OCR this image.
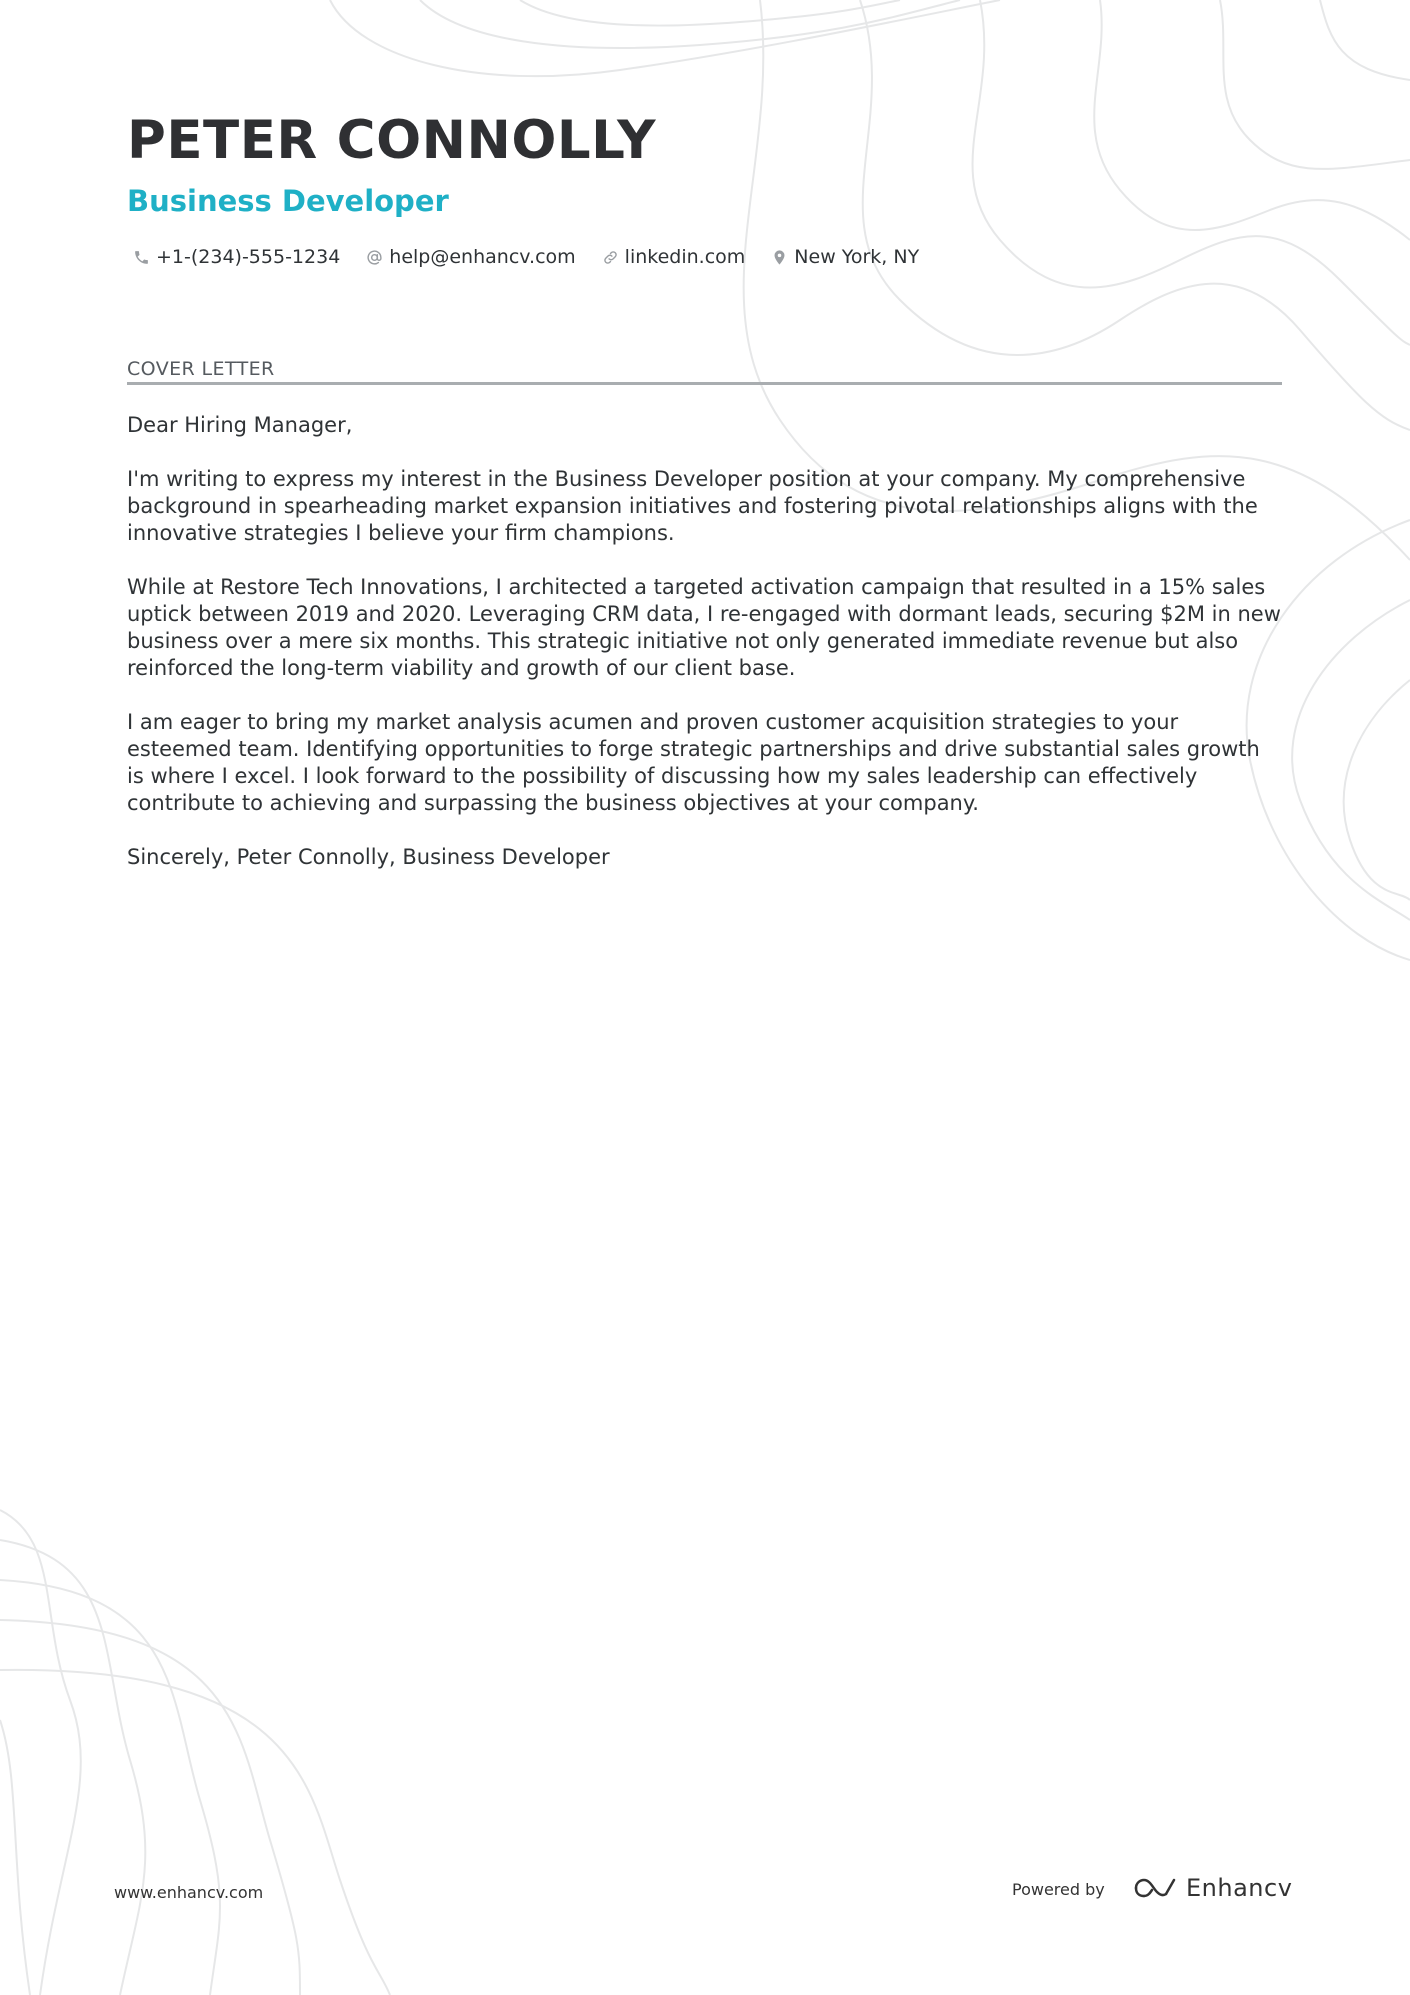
PETER CONNOLLY
Business Developer
+1-(234)-555-1234	help@enhancv.com	linkedin.com	New York, NY
COVER LETTER

Dear Hiring Manager,

I'm writing to express my interest in the Business Developer position at your company. My comprehensive background in spearheading market expansion initiatives and fostering pivotal relationships aligns with the innovative strategies I believe your firm champions.

While at Restore Tech Innovations, I architected a targeted activation campaign that resulted in a 15% sales uptick between 2019 and 2020. Leveraging CRM data, I re-engaged with dormant leads, securing $2M in new business over a mere six months. This strategic initiative not only generated immediate revenue but also reinforced the long-term viability and growth of our client base.

I am eager to bring my market analysis acumen and proven customer acquisition strategies to your esteemed team. Identifying opportunities to forge strategic partnerships and drive substantial sales growth is where I excel. I look forward to the possibility of discussing how my sales leadership can effectively contribute to achieving and surpassing the business objectives at your company.

Sincerely, Peter Connolly, Business Developer

www.enhancv.com	Powered by	Enhancv
